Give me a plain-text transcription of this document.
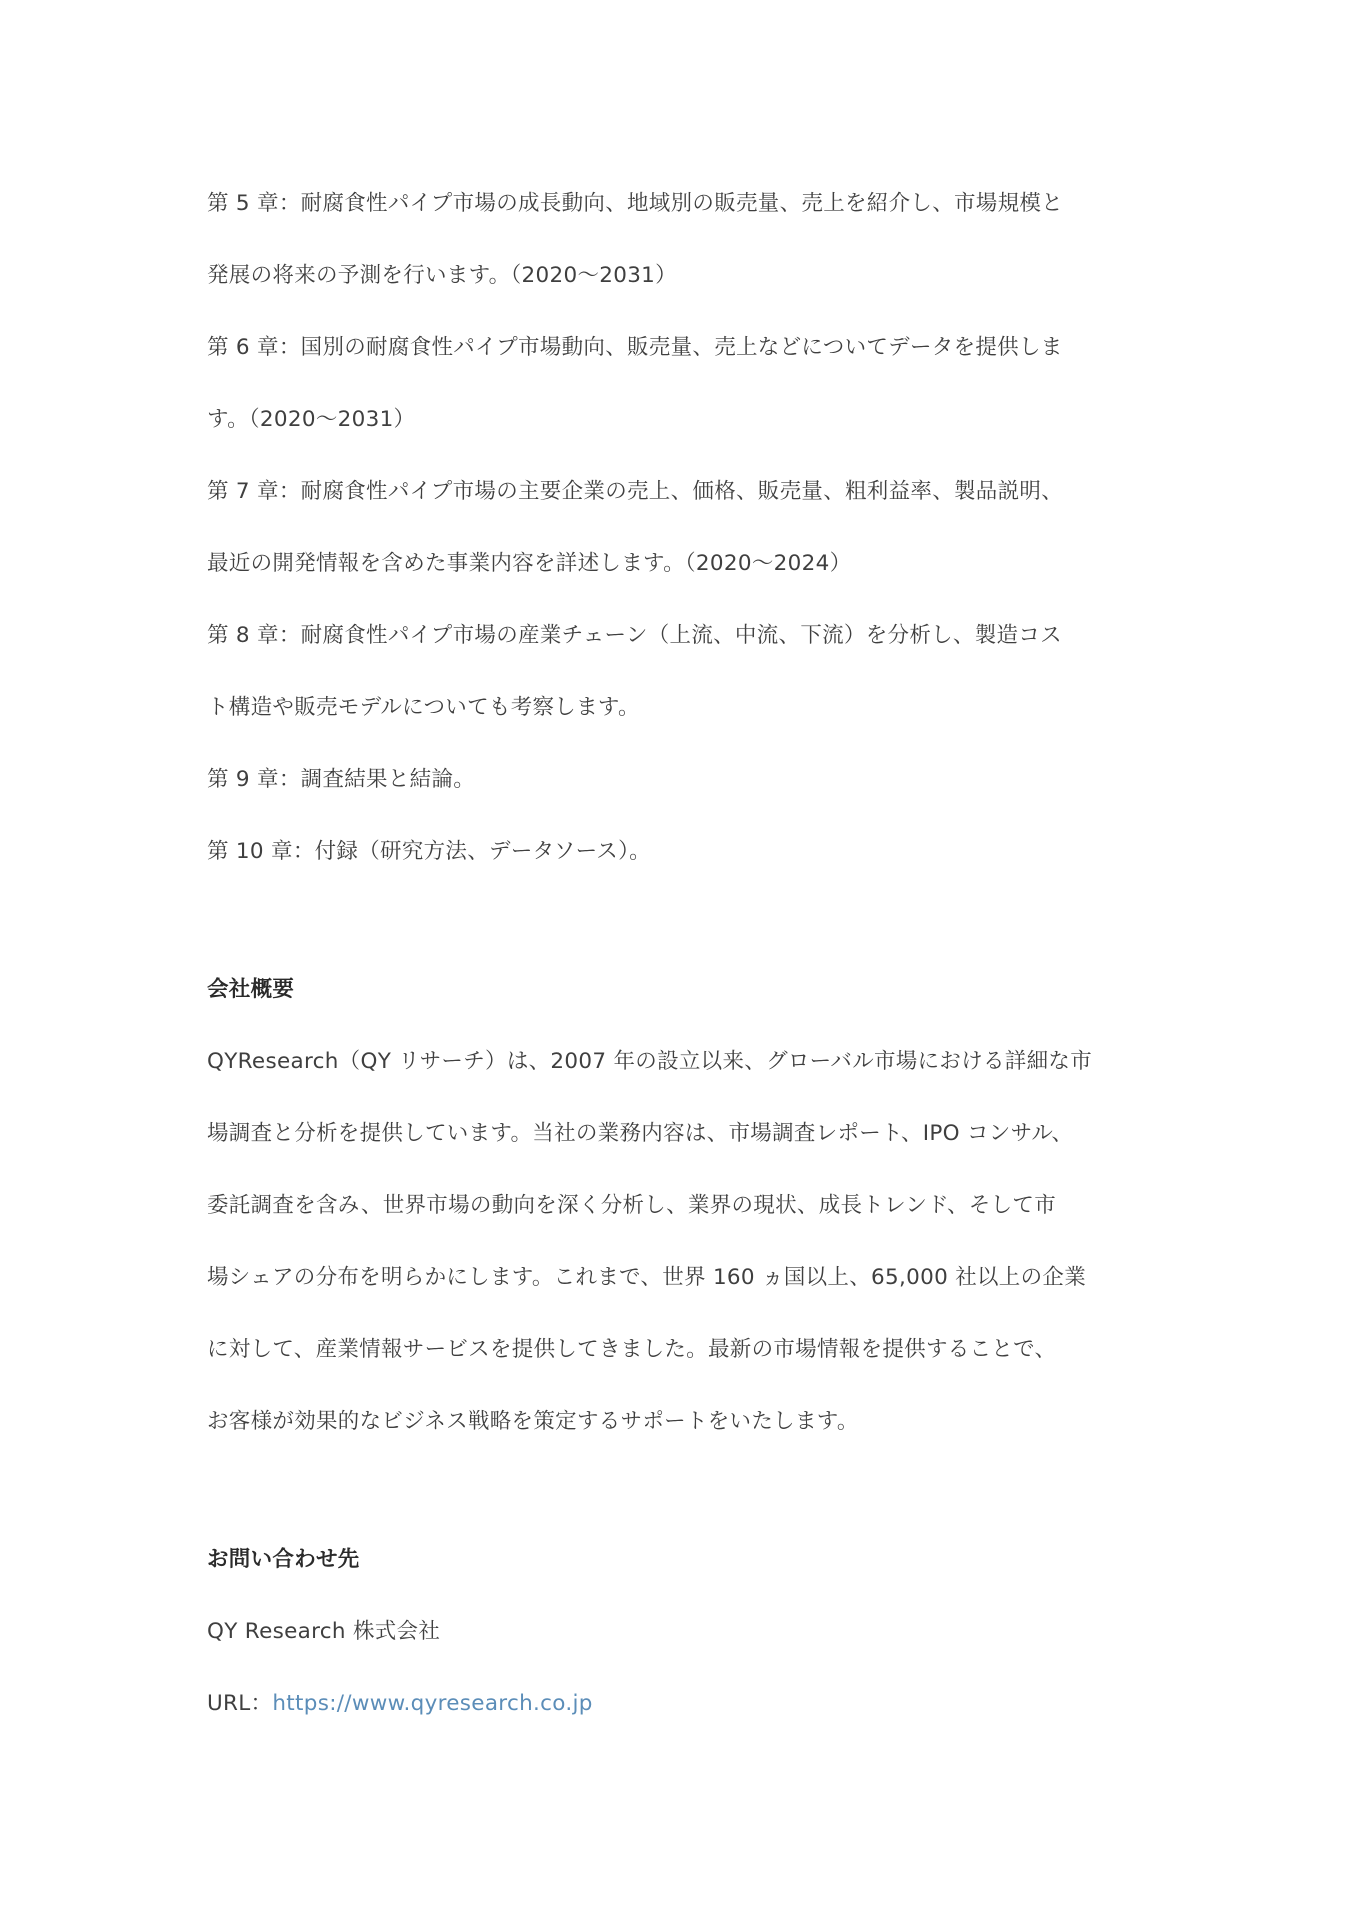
第 5 章：耐腐食性パイプ市場の成長動向、地域別の販売量、売上を紹介し、市場規模と
発展の将来の予測を行います。（2020～2031）
第 6 章：国別の耐腐食性パイプ市場動向、販売量、売上などについてデータを提供しま
す。（2020～2031）
第 7 章：耐腐食性パイプ市場の主要企業の売上、価格、販売量、粗利益率、製品説明、
最近の開発情報を含めた事業内容を詳述します。（2020～2024）
第 8 章：耐腐食性パイプ市場の産業チェーン（上流、中流、下流）を分析し、製造コス
ト構造や販売モデルについても考察します。
第 9 章：調査結果と結論。
第 10 章：付録（研究方法、データソース）。
会社概要
QYResearch（QY リサーチ）は、2007 年の設立以来、グローバル市場における詳細な市
場調査と分析を提供しています。当社の業務内容は、市場調査レポート、IPO コンサル、
委託調査を含み、世界市場の動向を深く分析し、業界の現状、成長トレンド、そして市
場シェアの分布を明らかにします。これまで、世界 160 ヵ国以上、65,000 社以上の企業
に対して、産業情報サービスを提供してきました。最新の市場情報を提供することで、
お客様が効果的なビジネス戦略を策定するサポートをいたします。
お問い合わせ先
QY Research 株式会社
URL：https://www.qyresearch.co.jp
